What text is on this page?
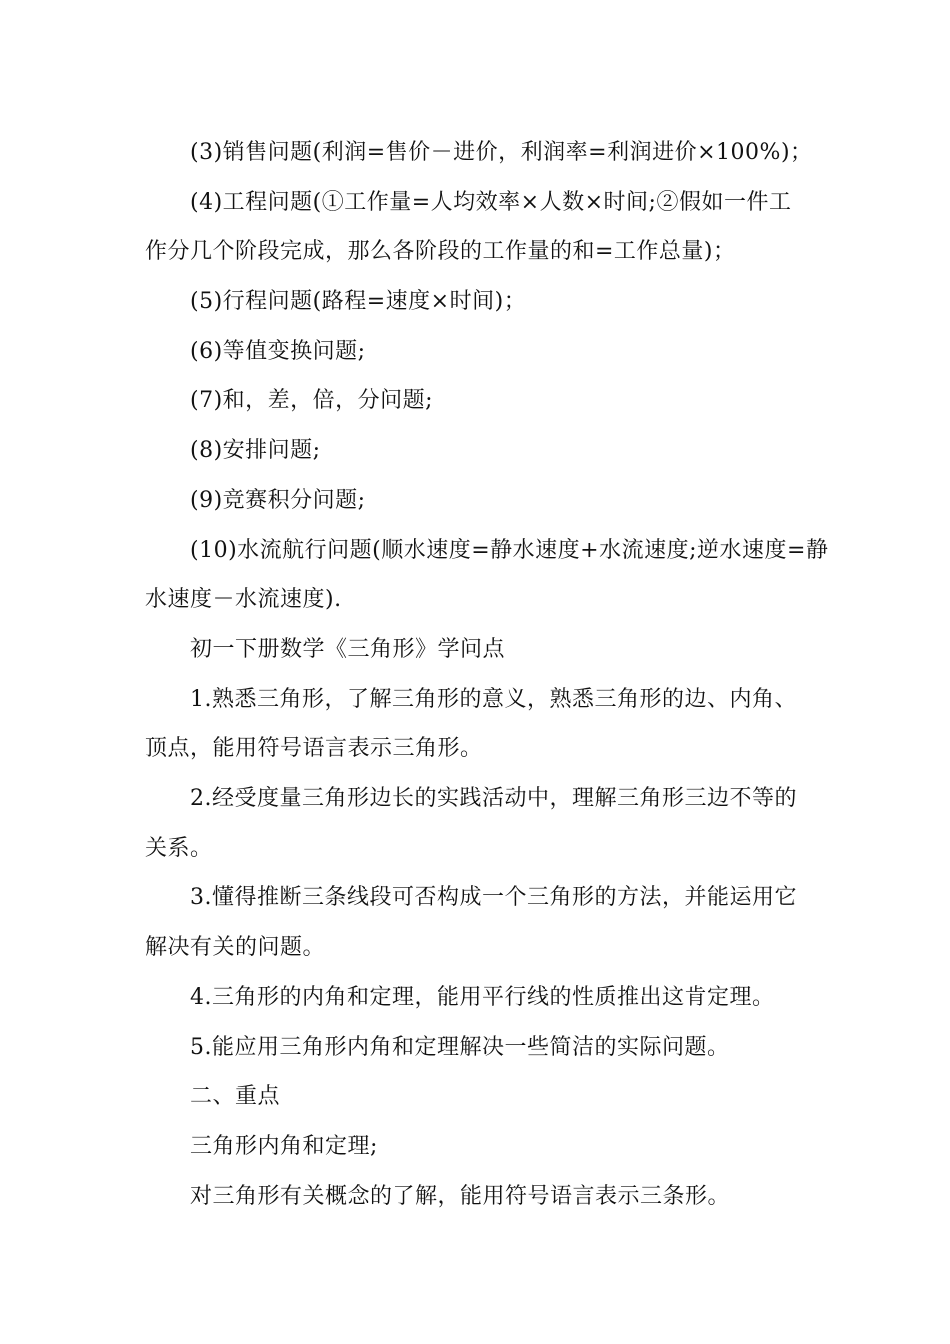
(3)销售问题(利润=售价－进价，利润率=利润进价×100%)；
(4)工程问题(①工作量=人均效率×人数×时间;②假如一件工
作分几个阶段完成，那么各阶段的工作量的和=工作总量)；
(5)行程问题(路程=速度×时间)；
(6)等值变换问题;
(7)和，差，倍，分问题;
(8)安排问题;
(9)竞赛积分问题;
(10)水流航行问题(顺水速度=静水速度+水流速度;逆水速度=静
水速度－水流速度).
初一下册数学《三角形》学问点
1.熟悉三角形，了解三角形的意义，熟悉三角形的边、内角、
顶点，能用符号语言表示三角形。
2.经受度量三角形边长的实践活动中，理解三角形三边不等的
关系。
3.懂得推断三条线段可否构成一个三角形的方法，并能运用它
解决有关的问题。
4.三角形的内角和定理，能用平行线的性质推出这肯定理。
5.能应用三角形内角和定理解决一些简洁的实际问题。
二、重点
三角形内角和定理;
对三角形有关概念的了解，能用符号语言表示三条形。
